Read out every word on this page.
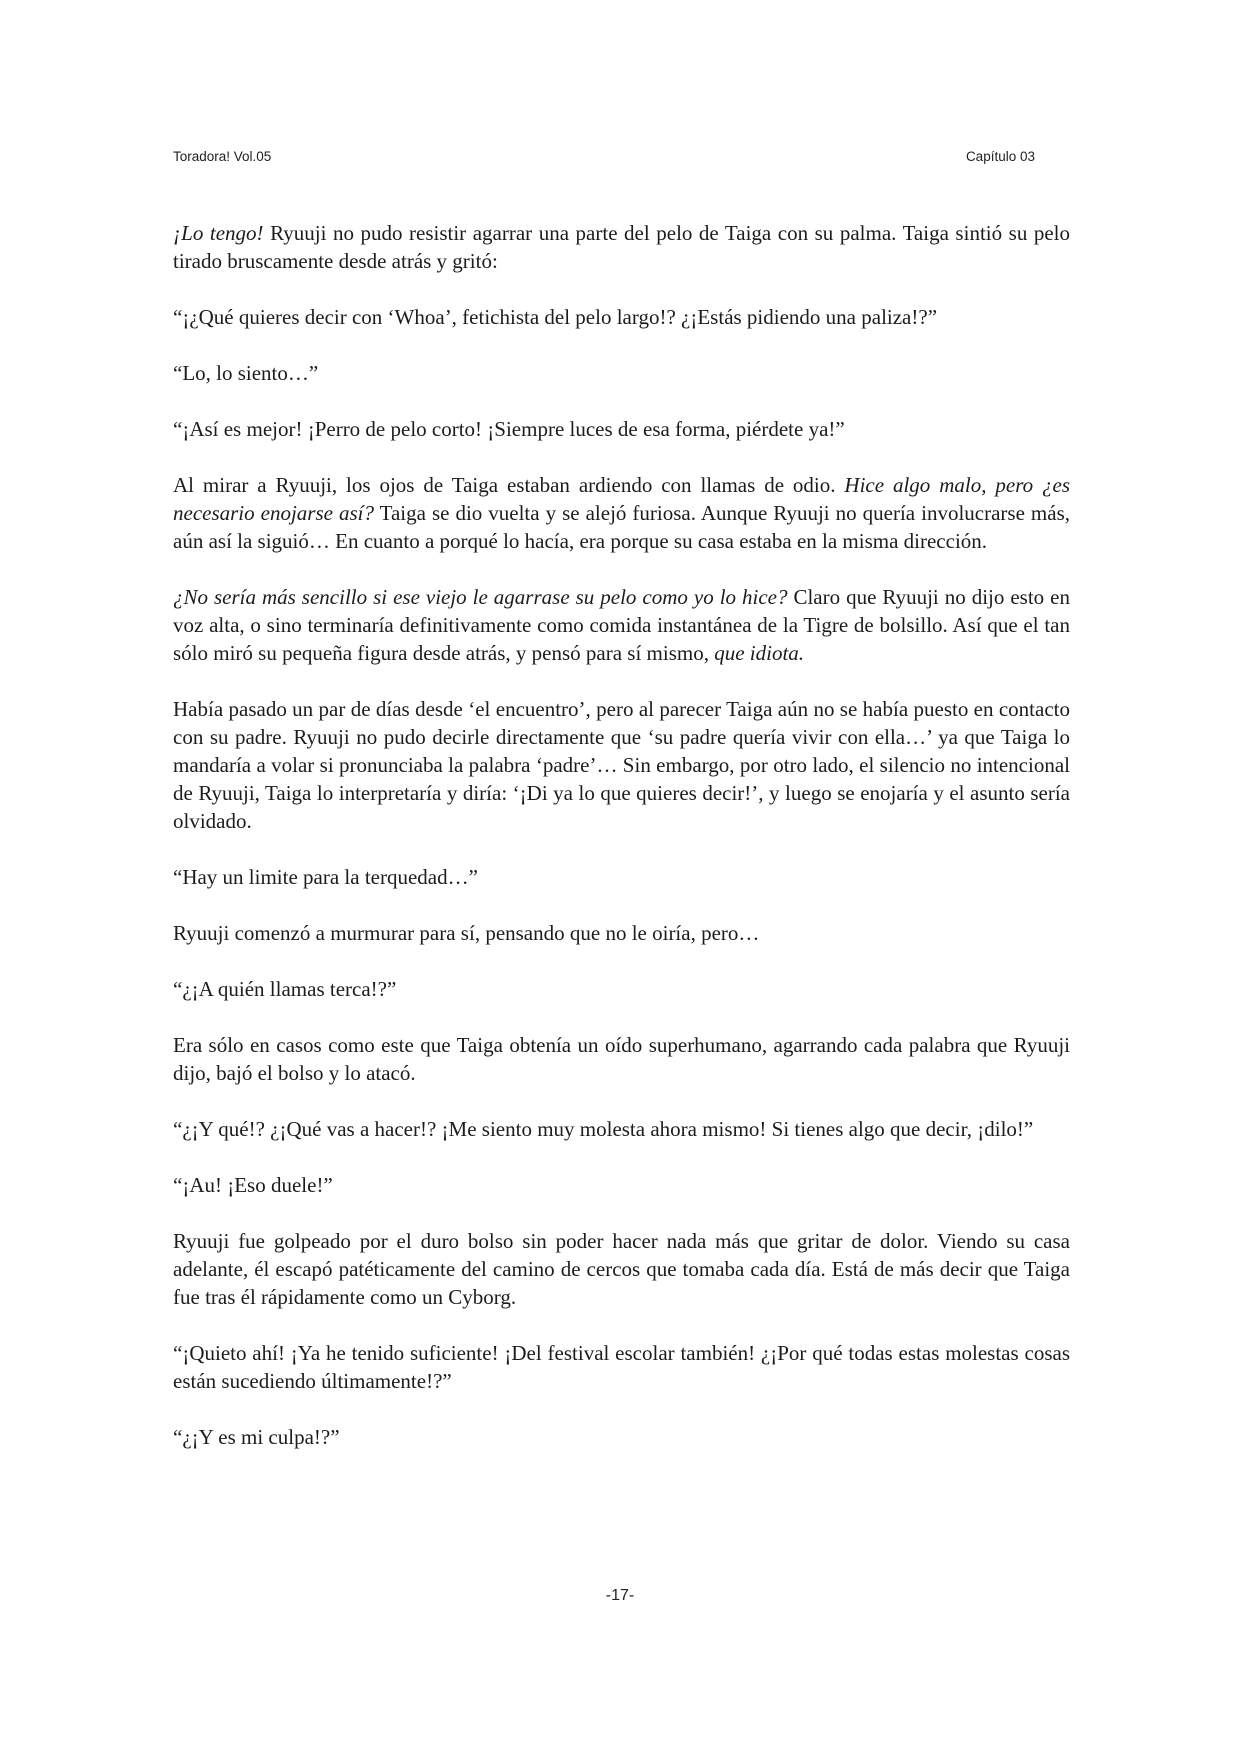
Toradora! Vol.05	Capítulo 03

¡Lo tengo! Ryuuji no pudo resistir agarrar una parte del pelo de Taiga con su palma. Taiga sintió su pelo tirado bruscamente desde atrás y gritó:

“¡¿Qué quieres decir con ‘Whoa’, fetichista del pelo largo!? ¿¡Estás pidiendo una paliza!?”

“Lo, lo siento…”

“¡Así es mejor! ¡Perro de pelo corto! ¡Siempre luces de esa forma, piérdete ya!”

Al mirar a Ryuuji, los ojos de Taiga estaban ardiendo con llamas de odio. Hice algo malo, pero ¿es necesario enojarse así? Taiga se dio vuelta y se alejó furiosa. Aunque Ryuuji no quería involucrarse más, aún así la siguió… En cuanto a porqué lo hacía, era porque su casa estaba en la misma dirección.

¿No sería más sencillo si ese viejo le agarrase su pelo como yo lo hice? Claro que Ryuuji no dijo esto en voz alta, o sino terminaría definitivamente como comida instantánea de la Tigre de bolsillo. Así que el tan sólo miró su pequeña figura desde atrás, y pensó para sí mismo, que idiota.

Había pasado un par de días desde ‘el encuentro’, pero al parecer Taiga aún no se había puesto en contacto con su padre. Ryuuji no pudo decirle directamente que ‘su padre quería vivir con ella…’ ya que Taiga lo mandaría a volar si pronunciaba la palabra ‘padre’… Sin embargo, por otro lado, el silencio no intencional de Ryuuji, Taiga lo interpretaría y diría: ‘¡Di ya lo que quieres decir!’, y luego se enojaría y el asunto sería olvidado.

“Hay un limite para la terquedad…”

Ryuuji comenzó a murmurar para sí, pensando que no le oiría, pero…

“¿¡A quién llamas terca!?”

Era sólo en casos como este que Taiga obtenía un oído superhumano, agarrando cada palabra que Ryuuji dijo, bajó el bolso y lo atacó.

“¿¡Y qué!? ¿¡Qué vas a hacer!? ¡Me siento muy molesta ahora mismo! Si tienes algo que decir, ¡dilo!”

“¡Au! ¡Eso duele!”

Ryuuji fue golpeado por el duro bolso sin poder hacer nada más que gritar de dolor. Viendo su casa adelante, él escapó patéticamente del camino de cercos que tomaba cada día. Está de más decir que Taiga fue tras él rápidamente como un Cyborg.

“¡Quieto ahí! ¡Ya he tenido suficiente! ¡Del festival escolar también! ¿¡Por qué todas estas molestas cosas están sucediendo últimamente!?”

“¿¡Y es mi culpa!?”

-17-
